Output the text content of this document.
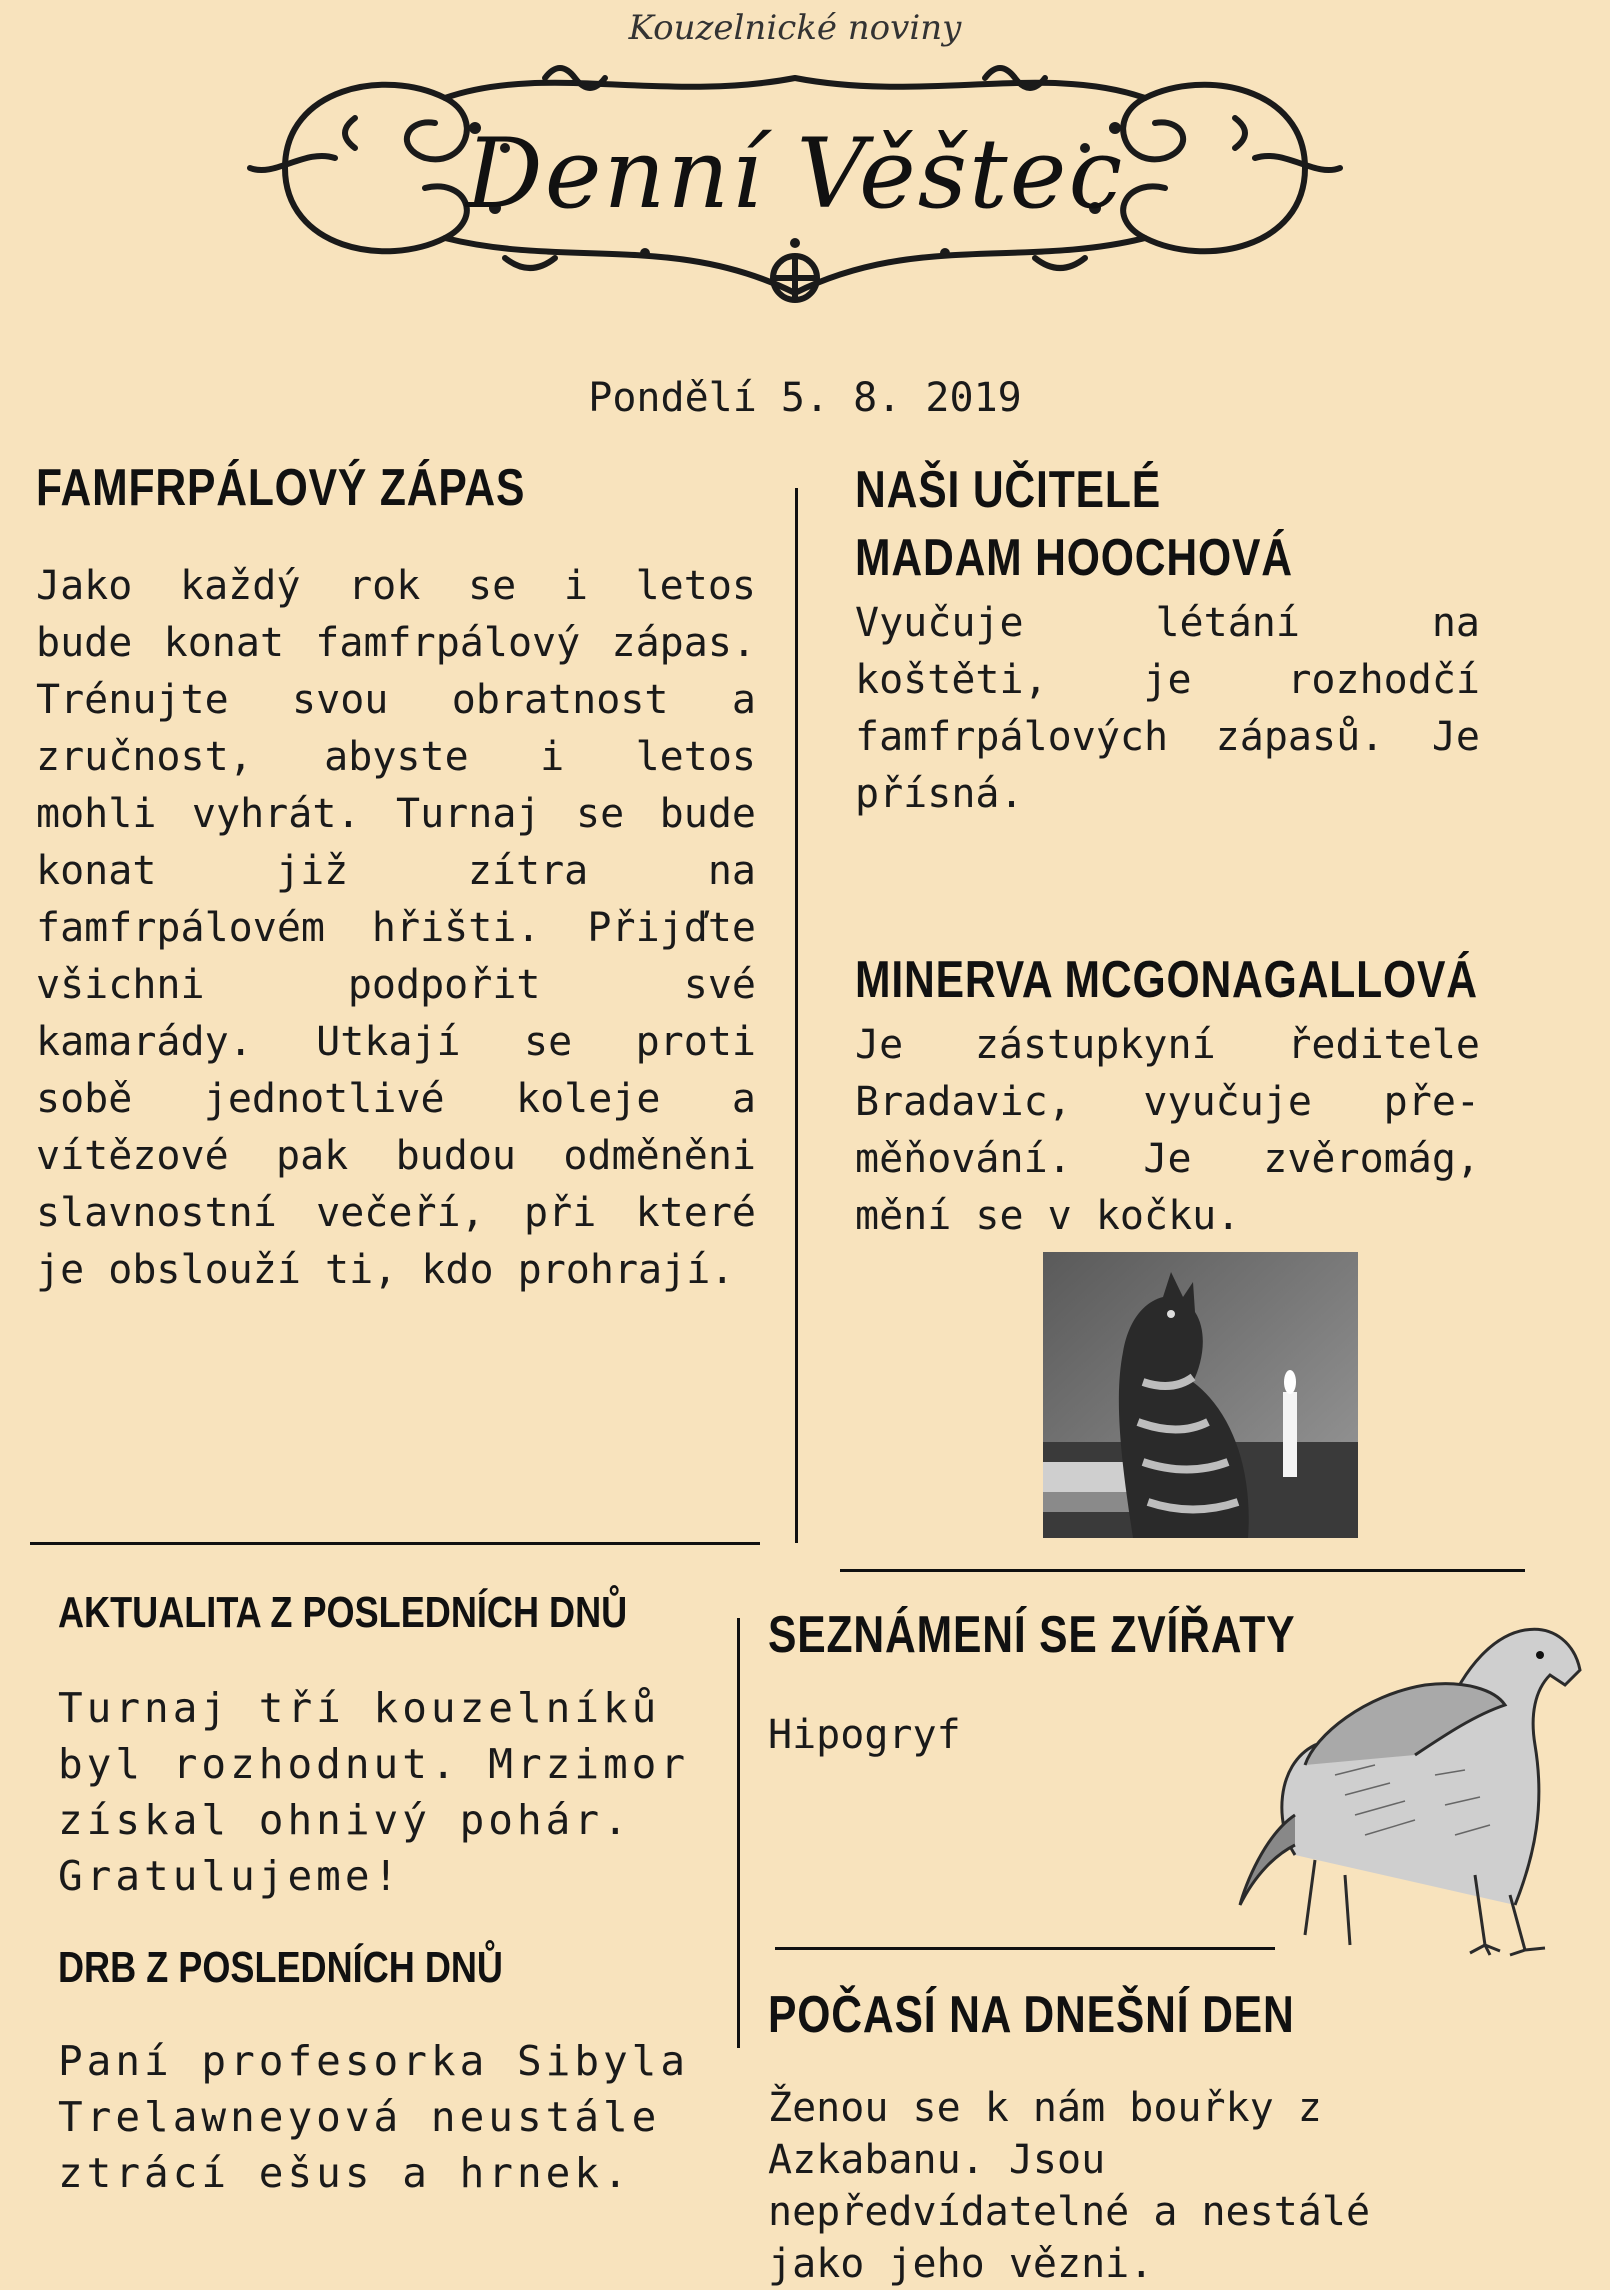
Kouzelnické noviny
Denní Věštec
Pondělí 5. 8. 2019
FAMFRPÁLOVÝ ZÁPAS
Jako každý rok se i letos bude konat famfrpálový zápas. Trénujte svou obratnost a zručnost, abyste i letos mohli vyhrát. Turnaj se bude konat již zítra na famfrpálovém hřišti. Přijďte všichni podpořit své kamarády. Utkají se proti sobě jednotlivé koleje a vítězové pak budou odměněni slavnostní večeří, při které je obslouží ti, kdo prohrají.
NAŠI UČITELÉ
MADAM HOOCHOVÁ
Vyučuje létání na koštěti, je rozhodčí famfrpálových zápasů. Je přísná.
MINERVA MCGONAGALLOVÁ
Je zástupkyní ředitele Bradavic, vyučuje pře-měňování. Je zvěromág, mění se v kočku.
AKTUALITA Z POSLEDNÍCH DNŮ
Turnaj tří kouzelníků byl rozhodnut. Mrzimor získal ohnivý pohár. Gratulujeme!
DRB Z POSLEDNÍCH DNŮ
Paní profesorka Sibyla Trelawneyová neustále ztrácí ešus a hrnek.
SEZNÁMENÍ SE ZVÍŘATY
Hipogryf
POČASÍ NA DNEŠNÍ DEN
Ženou se k nám bouřky z Azkabanu. Jsou nepředvídatelné a nestálé jako jeho vězni.
